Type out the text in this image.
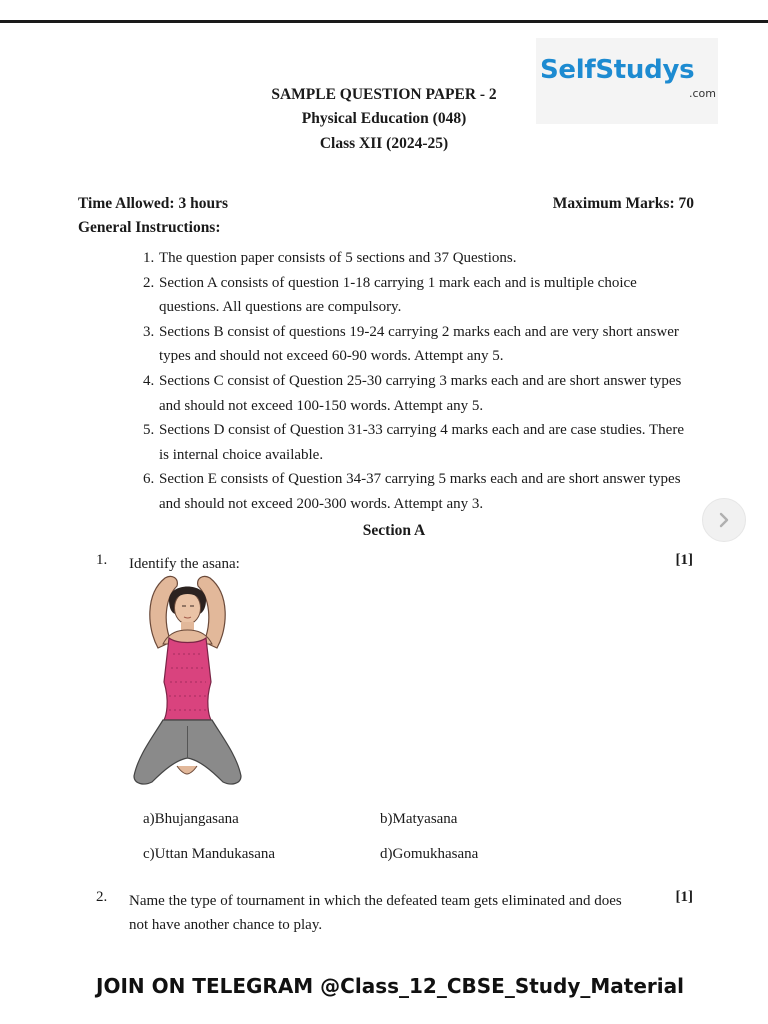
SelfStudys
.com
SAMPLE QUESTION PAPER - 2
Physical Education (048)
Class XII (2024-25)
Time Allowed: 3 hours	Maximum Marks: 70
General Instructions:
1. The question paper consists of 5 sections and 37 Questions.
2. Section A consists of question 1-18 carrying 1 mark each and is multiple choice questions. All questions are compulsory.
3. Sections B consist of questions 19-24 carrying 2 marks each and are very short answer types and should not exceed 60-90 words. Attempt any 5.
4. Sections C consist of Question 25-30 carrying 3 marks each and are short answer types and should not exceed 100-150 words. Attempt any 5.
5. Sections D consist of Question 31-33 carrying 4 marks each and are case studies. There is internal choice available.
6. Section E consists of Question 34-37 carrying 5 marks each and are short answer types and should not exceed 200-300 words. Attempt any 3.
Section A
1. Identify the asana:	[1]
a)Bhujangasana	b)Matyasana
c)Uttan Mandukasana	d)Gomukhasana
2. Name the type of tournament in which the defeated team gets eliminated and does
not have another chance to play.
[1]
JOIN ON TELEGRAM @Class_12_CBSE_Study_Material
